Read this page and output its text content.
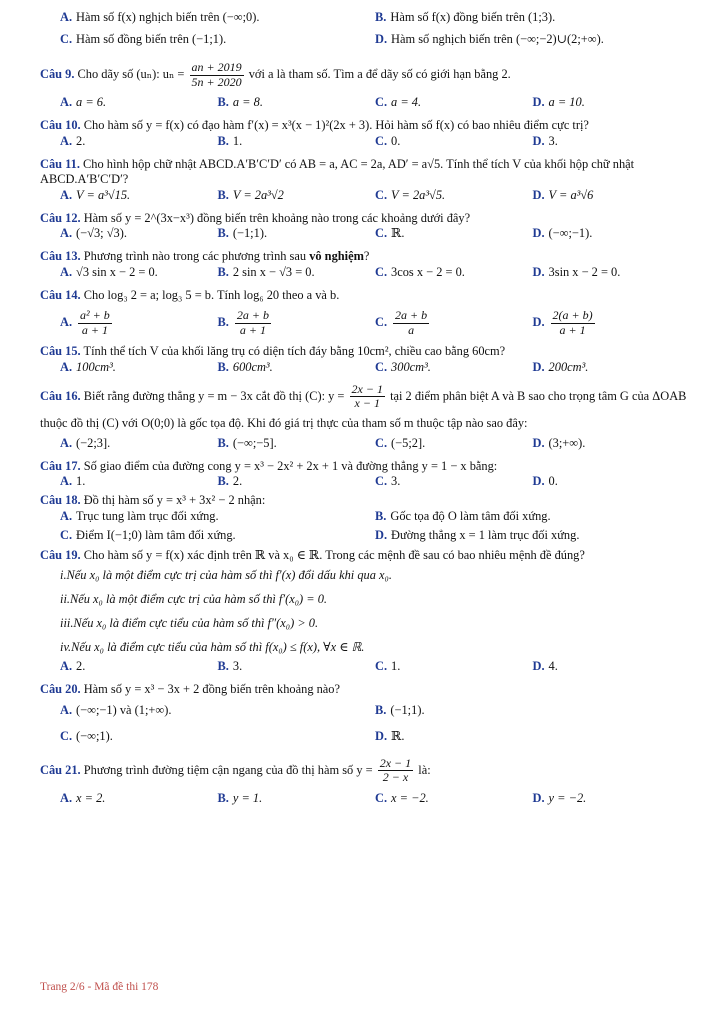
A. Hàm số f(x) nghịch biến trên (−∞;0).	B. Hàm số f(x) đồng biến trên (1;3).
C. Hàm số đồng biến trên (−1;1).	D. Hàm số nghịch biến trên (−∞;−2)∪(2;+∞).
Câu 9. Cho dãy số (uₙ): $u_n = \frac{an + 2019}{5n + 2020}$ với a là tham số. Tìm a để dãy số có giới hạn bằng 2.
A. a = 6.	B. a = 8.	C. a = 4.	D. a = 10.
Câu 10. Cho hàm số y = f(x) có đạo hàm f′(x) = x³(x − 1)²(2x + 3). Hỏi hàm số f(x) có bao nhiêu điểm cực trị?
A. 2.	B. 1.	C. 0.	D. 3.
Câu 11. Cho hình hộp chữ nhật ABCD.A′B′C′D′ có AB = a, AC = 2a, AD′ = a√5. Tính thể tích V của khối hộp chữ nhật ABCD.A′B′C′D′?
A. V = a³√15.	B. V = 2a³√2	C. V = 2a³√5.	D. V = a³√6
Câu 12. Hàm số y = 2^(3x−x³) đồng biến trên khoảng nào trong các khoảng dưới đây?
A. (−√3; √3).	B. (−1;1).	C. ℝ.	D. (−∞;−1).
Câu 13. Phương trình nào trong các phương trình sau vô nghiệm?
A. √3 sin x − 2 = 0.	B. 2 sin x − √3 = 0.	C. 3cos x − 2 = 0.	D. 3sin x − 2 = 0.
Câu 14. Cho log₃ 2 = a; log₃ 5 = b. Tính log₆ 20 theo a và b.
A. $\frac{\text{a² + b}}{a + 1}$	B. $\frac{2a + b}{a + 1}$	C. $\frac{2a + b}{a}$	D. $\frac{2(a + b)}{a + 1}$
Câu 15. Tính thể tích V của khối lăng trụ có diện tích đáy bằng 10cm², chiều cao bằng 60cm?
A. 100cm³.	B. 600cm³.	C. 300cm³.	D. 200cm³.
Câu 16. Biết rằng đường thẳng y = m − 3x cắt đồ thị (C): $y = \frac{2x - 1}{x - 1}$ tại 2 điểm phân biệt A và B sao cho trọng tâm G của ΔOAB thuộc đồ thị (C) với O(0;0) là gốc tọa độ. Khi đó giá trị thực của tham số m thuộc tập nào sao đây:
A. (−2;3].	B. (−∞;−5].	C. (−5;2].	D. (3;+∞).
Câu 17. Số giao điểm của đường cong y = x³ − 2x² + 2x + 1 và đường thẳng y = 1 − x bằng:
A. 1.	B. 2.	C. 3.	D. 0.
Câu 18. Đồ thị hàm số y = x³ + 3x² − 2 nhận:
A. Trục tung làm trục đối xứng.	B. Gốc tọa độ O làm tâm đối xứng.
C. Điểm I(−1;0) làm tâm đối xứng.	D. Đường thẳng x = 1 làm trục đối xứng.
Câu 19. Cho hàm số y = f(x) xác định trên ℝ và x₀ ∈ ℝ. Trong các mệnh đề sau có bao nhiêu mệnh đề đúng?
i.Nếu x₀ là một điểm cực trị của hàm số thì f′(x) đổi dấu khi qua x₀.
ii.Nếu x₀ là một điểm cực trị của hàm số thì f′(x₀) = 0.
iii.Nếu x₀ là điểm cực tiểu của hàm số thì f″(x₀) > 0.
iv.Nếu x₀ là điểm cực tiểu của hàm số thì f(x₀) ≤ f(x), ∀x ∈ ℝ.
A. 2.	B. 3.	C. 1.	D. 4.
Câu 20. Hàm số y = x³ − 3x + 2 đồng biến trên khoảng nào?
A. (−∞;−1) và (1;+∞).	B. (−1;1).
C. (−∞;1).	D. ℝ.
Câu 21. Phương trình đường tiệm cận ngang của đồ thị hàm số $y = \frac{2x - 1}{2 - x}$ là:
A. x = 2.	B. y = 1.	C. x = −2.	D. y = −2.
Trang 2/6 - Mã đề thi 178
